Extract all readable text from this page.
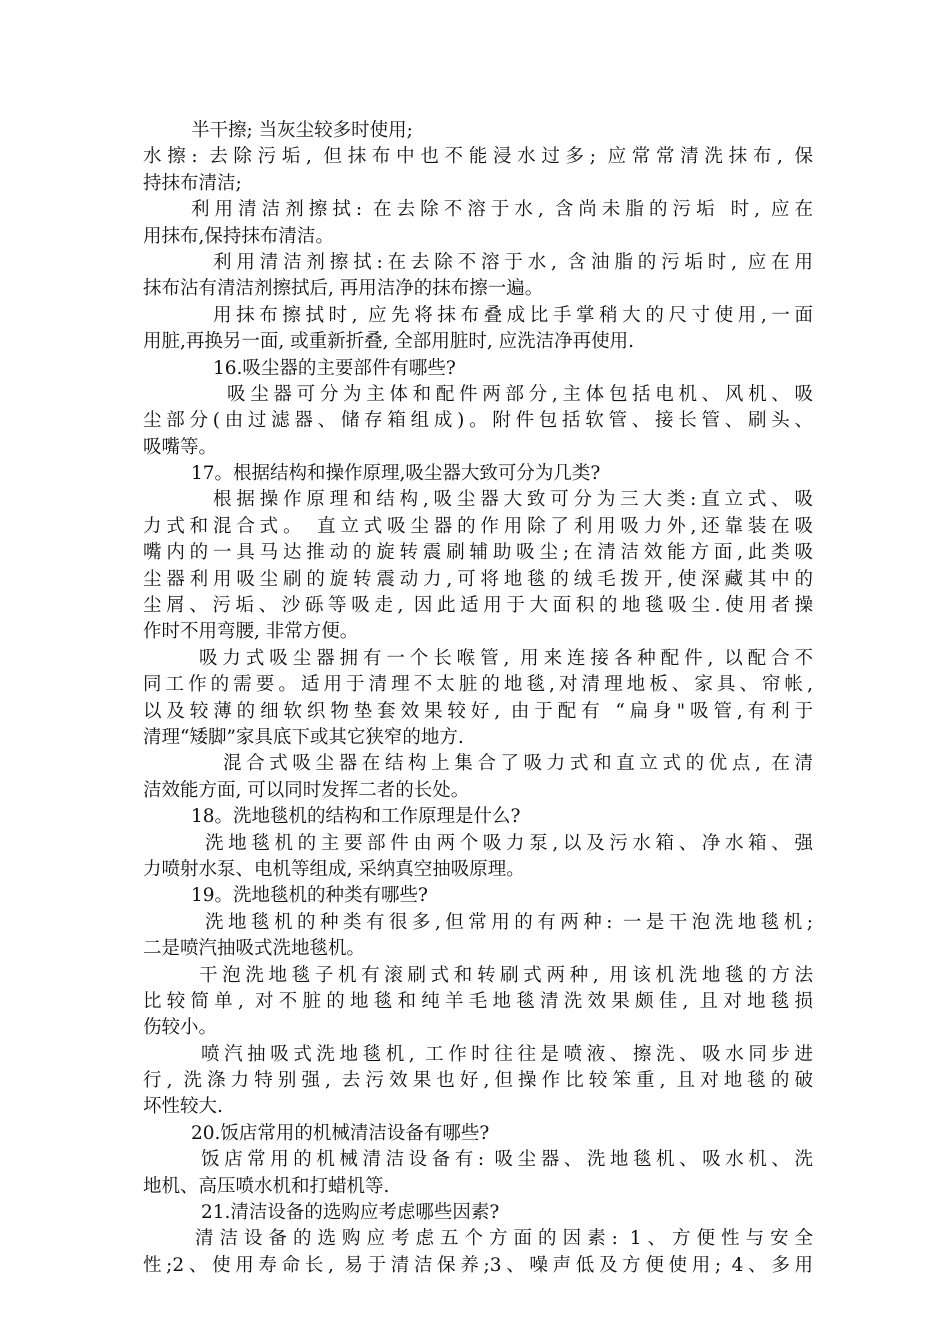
半干擦; 当灰尘较多时使用;
水擦: 去除污垢, 但抹布中也不能浸水过多; 应常常清洗抹布, 保
持抹布清洁;
利用清洁剂擦拭: 在去除不溶于水, 含尚未脂的污垢 时, 应在
用抹布,保持抹布清洁。
利用清洁剂擦拭:在去除不溶于水, 含油脂的污垢时, 应在用
抹布沾有清洁剂擦拭后, 再用洁净的抹布擦一遍。
用抹布擦拭时, 应先将抹布叠成比手掌稍大的尺寸使用,一面
用脏,再换另一面, 或重新折叠, 全部用脏时, 应洗洁净再使用.
16.吸尘器的主要部件有哪些?
吸尘器可分为主体和配件两部分,主体包括电机、风机、吸
尘部分(由过滤器、储存箱组成)。附件包括软管、接长管、刷头、
吸嘴等。
17。根据结构和操作原理,吸尘器大致可分为几类?
根据操作原理和结构,吸尘器大致可分为三大类:直立式、吸
力式和混合式。 直立式吸尘器的作用除了利用吸力外,还靠装在吸
嘴内的一具马达推动的旋转震刷辅助吸尘;在清洁效能方面,此类吸
尘器利用吸尘刷的旋转震动力,可将地毯的绒毛拨开,使深藏其中的
尘屑、污垢、沙砾等吸走, 因此适用于大面积的地毯吸尘.使用者操
作时不用弯腰, 非常方便。
吸力式吸尘器拥有一个长喉管, 用来连接各种配件, 以配合不
同工作的需要。适用于清理不太脏的地毯,对清理地板、家具、帘帐,
以及较薄的细软织物垫套效果较好, 由于配有 “扁身"吸管,有利于
清理“矮脚”家具底下或其它狭窄的地方.
混合式吸尘器在结构上集合了吸力式和直立式的优点, 在清
洁效能方面, 可以同时发挥二者的长处。
18。洗地毯机的结构和工作原理是什么?
洗地毯机的主要部件由两个吸力泵,以及污水箱、净水箱、强
力喷射水泵、电机等组成, 采纳真空抽吸原理。
19。洗地毯机的种类有哪些?
洗地毯机的种类有很多,但常用的有两种: 一是干泡洗地毯机;
二是喷汽抽吸式洗地毯机。
干泡洗地毯子机有滚刷式和转刷式两种, 用该机洗地毯的方法
比较简单, 对不脏的地毯和纯羊毛地毯清洗效果颇佳, 且对地毯损
伤较小。
喷汽抽吸式洗地毯机, 工作时往往是喷液、擦洗、吸水同步进
行, 洗涤力特别强, 去污效果也好,但操作比较笨重, 且对地毯的破
坏性较大.
20.饭店常用的机械清洁设备有哪些?
饭店常用的机械清洁设备有: 吸尘器、洗地毯机、吸水机、洗
地机、高压喷水机和打蜡机等.
21.清洁设备的选购应考虑哪些因素?
清洁设备的选购应考虑五个方面的因素: 1、方便性与安全
性;2、使用寿命长, 易于清洁保养;3、噪声低及方便使用; 4、多用
